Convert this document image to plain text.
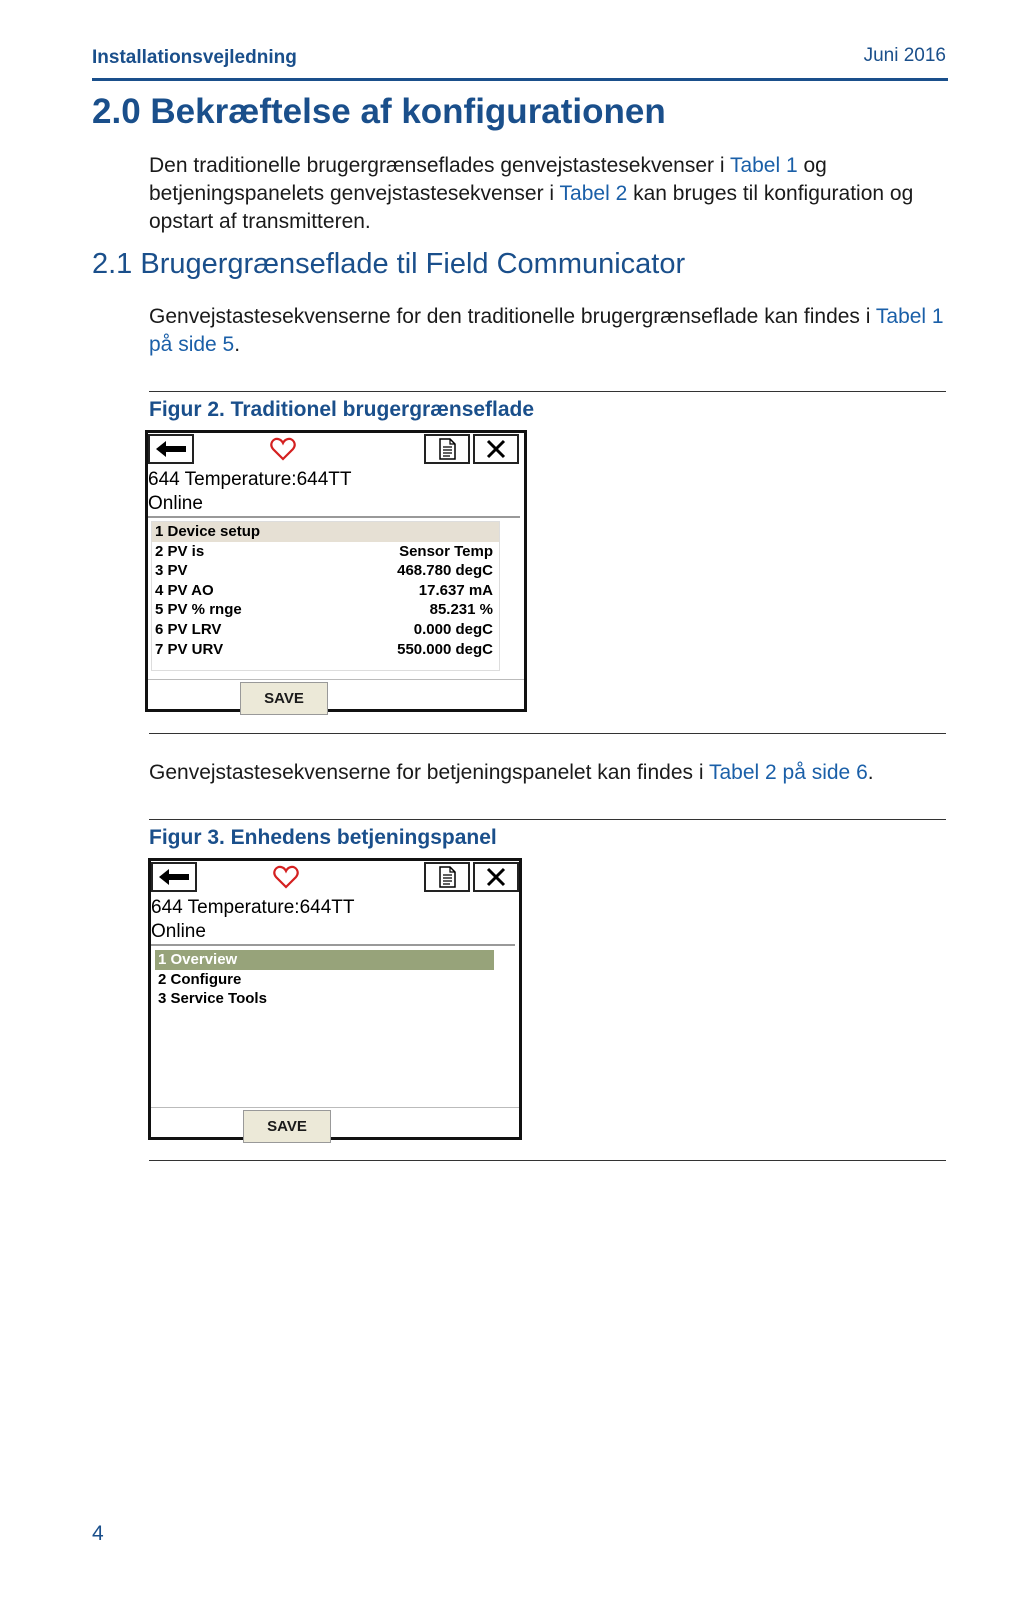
Installationsvejledning	Juni 2016
2.0 Bekræftelse af konfigurationen
Den traditionelle brugergrænseflades genvejstastesekvenser i Tabel 1 og betjeningspanelets genvejstastesekvenser i Tabel 2 kan bruges til konfiguration og opstart af transmitteren.
2.1 Brugergrænseflade til Field Communicator
Genvejstastesekvenserne for den traditionelle brugergrænseflade kan findes i Tabel 1 på side 5.
Figur 2. Traditionel brugergrænseflade
644 Temperature:644TT
Online
1 Device setup
2 PV is	Sensor Temp
3 PV	468.780 degC
4 PV AO	17.637 mA
5 PV % rnge	85.231 %
6 PV LRV	0.000 degC
7 PV URV	550.000 degC
SAVE
Genvejstastesekvenserne for betjeningspanelet kan findes i Tabel 2 på side 6.
Figur 3. Enhedens betjeningspanel
644 Temperature:644TT
Online
1 Overview
2 Configure
3 Service Tools
SAVE
4
